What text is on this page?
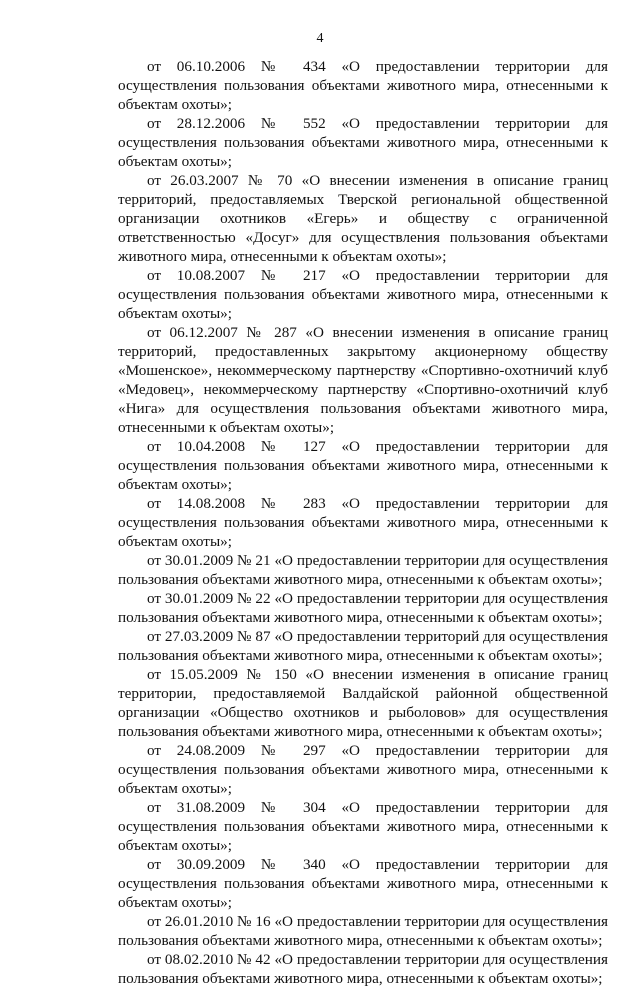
4

от 06.10.2006 № 434 «О предоставлении территории для осуществления пользования объектами животного мира, отнесенными к объектам охоты»;

от 28.12.2006 № 552 «О предоставлении территории для осуществления пользования объектами животного мира, отнесенными к объектам охоты»;

от 26.03.2007 № 70 «О внесении изменения в описание границ территорий, предоставляемых Тверской региональной общественной организации охотников «Егерь» и обществу с ограниченной ответственностью «Досуг» для осуществления пользования объектами животного мира, отнесенными к объектам охоты»;

от 10.08.2007 № 217 «О предоставлении территории для осуществления пользования объектами животного мира, отнесенными к объектам охоты»;

от 06.12.2007 № 287 «О внесении изменения в описание границ территорий, предоставленных закрытому акционерному обществу «Мошенское», некоммерческому партнерству «Спортивно-охотничий клуб «Медовец», некоммерческому партнерству «Спортивно-охотничий клуб «Нига» для осуществления пользования объектами животного мира, отнесенными к объектам охоты»;

от 10.04.2008 № 127 «О предоставлении территории для осуществления пользования объектами животного мира, отнесенными к объектам охоты»;

от 14.08.2008 № 283 «О предоставлении территории для осуществления пользования объектами животного мира, отнесенными к объектам охоты»;

от 30.01.2009 № 21 «О предоставлении территории для осуществления пользования объектами животного мира, отнесенными к объектам охоты»;

от 30.01.2009 № 22 «О предоставлении территории для осуществления пользования объектами животного мира, отнесенными к объектам охоты»;

от 27.03.2009 № 87 «О предоставлении территорий для осуществления пользования объектами животного мира, отнесенными к объектам охоты»;

от 15.05.2009 № 150 «О внесении изменения в описание границ территории, предоставляемой Валдайской районной общественной организации «Общество охотников и рыболовов» для осуществления пользования объектами животного мира, отнесенными к объектам охоты»;

от 24.08.2009 № 297 «О предоставлении территории для осуществления пользования объектами животного мира, отнесенными к объектам охоты»;

от 31.08.2009 № 304 «О предоставлении территории для осуществления пользования объектами животного мира, отнесенными к объектам охоты»;

от 30.09.2009 № 340 «О предоставлении территории для осуществления пользования объектами животного мира, отнесенными к объектам охоты»;

от 26.01.2010 № 16 «О предоставлении территории для осуществления пользования объектами животного мира, отнесенными к объектам охоты»;

от 08.02.2010 № 42 «О предоставлении территории для осуществления пользования объектами животного мира, отнесенными к объектам охоты»;
